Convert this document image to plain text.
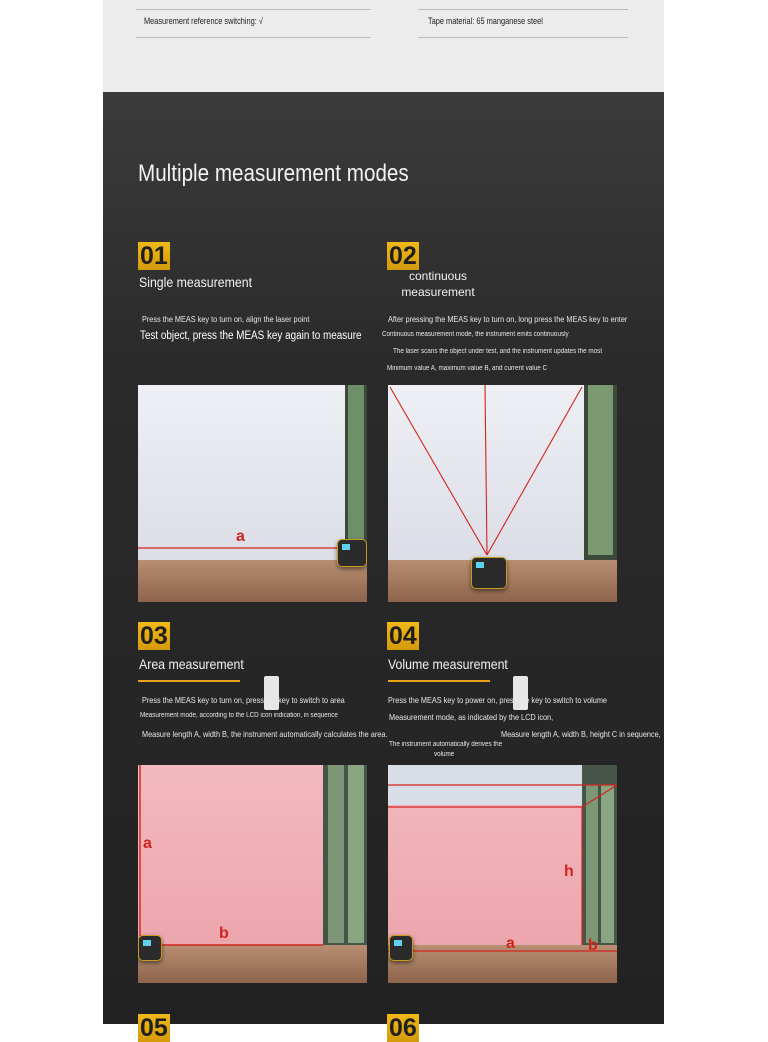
Measurement reference switching: √	Tape material: 65 manganese steel
Multiple measurement modes
01
Single measurement
Press the MEAS key to turn on, align the laser point
Test object, press the MEAS key again to measure
02
continuous
measurement
After pressing the MEAS key to turn on, long press the MEAS key to enter
Continuous measurement mode, the instrument emits continuously
The laser scans the object under test, and the instrument updates the most
Minimum value A, maximum value B, and current value C
a
03
Area measurement
Press the MEAS key to turn on, press the key to switch to area
Measurement mode, according to the LCD icon indication, in sequence
Measure length A, width B, the instrument automatically calculates the area.
04
Volume measurement
Press the MEAS key to power on, press the key to switch to volume
Measurement mode, as indicated by the LCD icon,
Measure length A, width B, height C in sequence,
The instrument automatically derives the
volume
a
b
h
a	b
05	06
